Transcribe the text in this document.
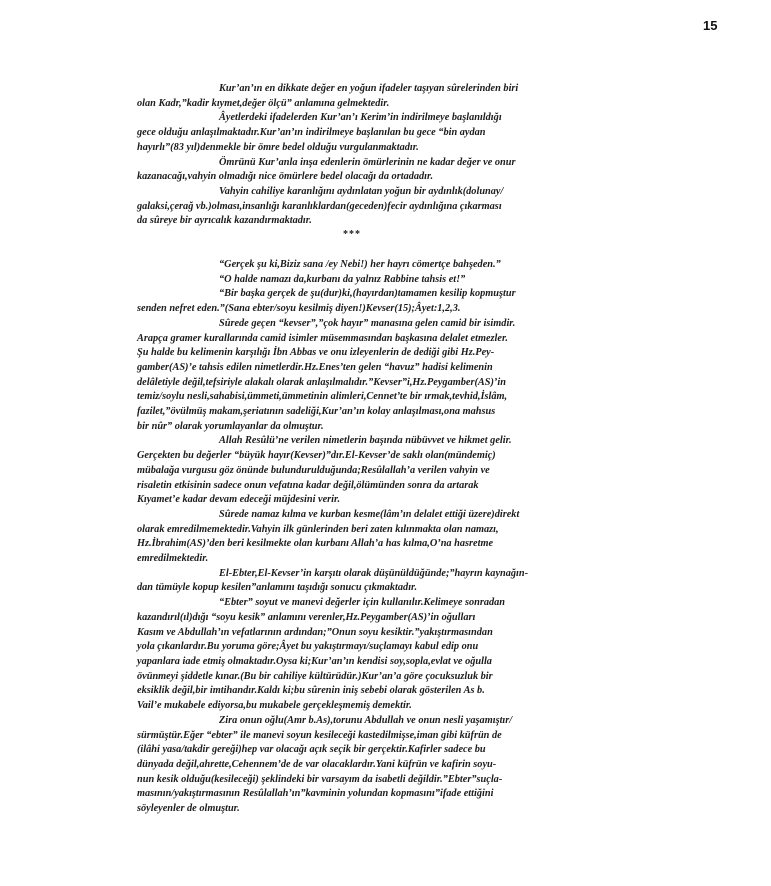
15
Kur’an’ın en dikkate değer en yoğun ifadeler taşıyan sûrelerinden biri
olan Kadr,”kadir kıymet,değer ölçü” anlamına gelmektedir.
Âyetlerdeki ifadelerden Kur’an’ı Kerim’in indirilmeye başlanıldığı
gece olduğu anlaşılmaktadır.Kur’an’ın indirilmeye başlanılan bu gece “bin aydan
hayırlı”(83 yıl)denmekle bir ömre bedel olduğu vurgulanmaktadır.
Ömrünü Kur’anla inşa edenlerin ömürlerinin ne kadar değer ve onur
kazanacağı,vahyin olmadığı nice ömürlere bedel olacağı da ortadadır.
Vahyin cahiliye karanlığını aydınlatan yoğun bir aydınlık(dolunay/
galaksi,çerağ vb.)olması,insanlığı karanlıklardan(geceden)fecir aydınlığına çıkarması
da sûreye bir ayrıcalık kazandırmaktadır.
***
“Gerçek şu ki,Biziz sana /ey Nebi!) her hayrı cömertçe bahşeden.”
“O halde namazı da,kurbanı da yalnız Rabbine tahsis et!”
“Bir başka gerçek de şu(dur)ki,(hayırdan)tamamen kesilip kopmuştur
senden nefret eden.”(Sana ebter/soyu kesilmiş diyen!)Kevser(15);Âyet:1,2,3.
Sûrede geçen “kevser”,”çok hayır” manasına gelen camid bir isimdir.
Arapça gramer kurallarında camid isimler müsemmasından başkasına delalet etmezler.
Şu halde bu kelimenin karşılığı İbn Abbas ve onu izleyenlerin de dediği gibi Hz.Pey-
gamber(AS)’e tahsis edilen nimetlerdir.Hz.Enes’ten gelen “havuz” hadisi kelimenin
delâletiyle değil,tefsiriyle alakalı olarak anlaşılmalıdır.”Kevser”i,Hz.Peygamber(AS)’in
temiz/soylu nesli,sahabisi,ümmeti,ümmetinin alimleri,Cennet’te bir ırmak,tevhid,İslâm,
fazilet,”övülmüş makam,şeriatının sadeliği,Kur’an’ın kolay anlaşılması,ona mahsus
bir nûr” olarak yorumlayanlar da olmuştur.
Allah Resûlü’ne verilen nimetlerin başında nübüvvet ve hikmet gelir.
Gerçekten bu değerler “büyük hayır(Kevser)”dır.El-Kevser’de saklı olan(mündemiç)
mübalağa vurgusu göz önünde bulundurulduğunda;Resûlallah’a verilen vahyin ve
risaletin etkisinin sadece onun vefatına kadar değil,ölümünden sonra da artarak
Kıyamet’e kadar devam edeceği müjdesini verir.
Sûrede namaz kılma ve kurban kesme(lâm’ın delalet ettiği üzere)direkt
olarak emredilmemektedir.Vahyin ilk günlerinden beri zaten kılınmakta olan namazı,
Hz.İbrahim(AS)’den beri kesilmekte olan kurbanı Allah’a has kılma,O’na hasretme
emredilmektedir.
El-Ebter,El-Kevser’in karşıtı olarak düşünüldüğünde;”hayrın kaynağın-
dan tümüyle kopup kesilen”anlamını taşıdığı sonucu çıkmaktadır.
“Ebter” soyut ve manevi değerler için kullanılır.Kelimeye sonradan
kazandırıl(ıl)dığı “soyu kesik” anlamını verenler,Hz.Peygamber(AS)’in oğulları
Kasım ve Abdullah’ın vefatlarının ardından;”Onun soyu kesiktir.”yakıştırmasından
yola çıkanlardır.Bu yoruma göre;Âyet bu yakıştırmayı/suçlamayı kabul edip onu
yapanlara iade etmiş olmaktadır.Oysa ki;Kur’an’ın kendisi soy,sopla,evlat ve oğulla
övünmeyi şiddetle kınar.(Bu bir cahiliye kültürüdür.)Kur’an’a göre çocuksuzluk bir
eksiklik değil,bir imtihandır.Kaldı ki;bu sûrenin iniş sebebi olarak gösterilen As b.
Vail’e mukabele ediyorsa,bu mukabele gerçekleşmemiş demektir.
Zira onun oğlu(Amr b.As),torunu Abdullah ve onun nesli yaşamıştır/
sürmüştür.Eğer “ebter” ile manevi soyun kesileceği kastedilmişse,iman gibi küfrün de
(ilâhi yasa/takdir gereği)hep var olacağı açık seçik bir gerçektir.Kafirler sadece bu
dünyada değil,ahrette,Cehennem’de de var olacaklardır.Yani küfrün ve kafirin soyu-
nun kesik olduğu(kesileceği) şeklindeki bir varsayım da isabetli değildir.”Ebter”suçla-
masının/yakıştırmasının Resûlallah’ın”kavminin yolundan kopmasını”ifade ettiğini
söyleyenler de olmuştur.
